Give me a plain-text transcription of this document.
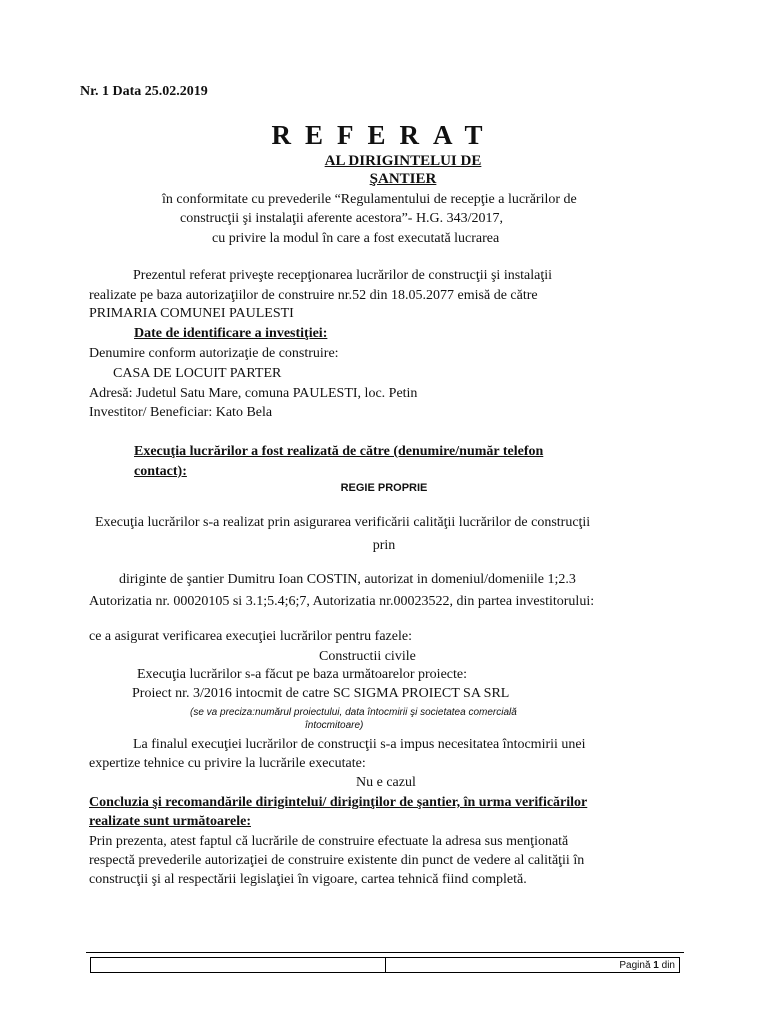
Nr. 1 Data 25.02.2019
REFERAT
AL DIRIGINTELUI DE
ŞANTIER
în conformitate cu prevederile “Regulamentului de recepţie a lucrărilor de
construcţii şi instalaţii aferente acestora”- H.G. 343/2017,
cu privire la modul în care a fost executată lucrarea
Prezentul referat priveşte recepţionarea lucrărilor de construcţii şi instalaţii
realizate pe baza autorizaţiilor de construire nr.52 din 18.05.2077 emisă de către
PRIMARIA COMUNEI PAULESTI
Date de identificare a investiţiei:
Denumire conform autorizaţie de construire:
CASA DE LOCUIT PARTER
Adresă: Judetul Satu Mare, comuna PAULESTI, loc. Petin
Investitor/ Beneficiar: Kato Bela
Execuţia lucrărilor a fost realizată de către (denumire/număr telefon
contact):
REGIE PROPRIE
Execuţia lucrărilor s-a realizat prin asigurarea verificării calităţii lucrărilor de construcţii
prin
diriginte de şantier Dumitru Ioan COSTIN, autorizat in domeniul/domeniile 1;2.3
Autorizatia nr. 00020105 si 3.1;5.4;6;7, Autorizatia nr.00023522, din partea investitorului:
ce a asigurat verificarea execuţiei lucrărilor pentru fazele:
Constructii civile
Execuţia lucrărilor s-a făcut pe baza următoarelor proiecte:
Proiect nr. 3/2016 intocmit de catre SC SIGMA PROIECT SA SRL
(se va preciza:numărul proiectului, data întocmirii şi societatea comercială
întocmitoare)
La finalul execuţiei lucrărilor de construcţii s-a impus necesitatea întocmirii unei
expertize tehnice cu privire la lucrările executate:
Nu e cazul
Concluzia şi recomandările dirigintelui/ diriginţilor de şantier, în urma verificărilor
realizate sunt următoarele:
Prin prezenta, atest faptul că lucrările de construire efectuate la adresa sus menţionată
respectă prevederile autorizaţiei de construire existente din punct de vedere al calităţii în
construcţii şi al respectării legislaţiei în vigoare, cartea tehnică fiind completă.
Pagină 1 din
